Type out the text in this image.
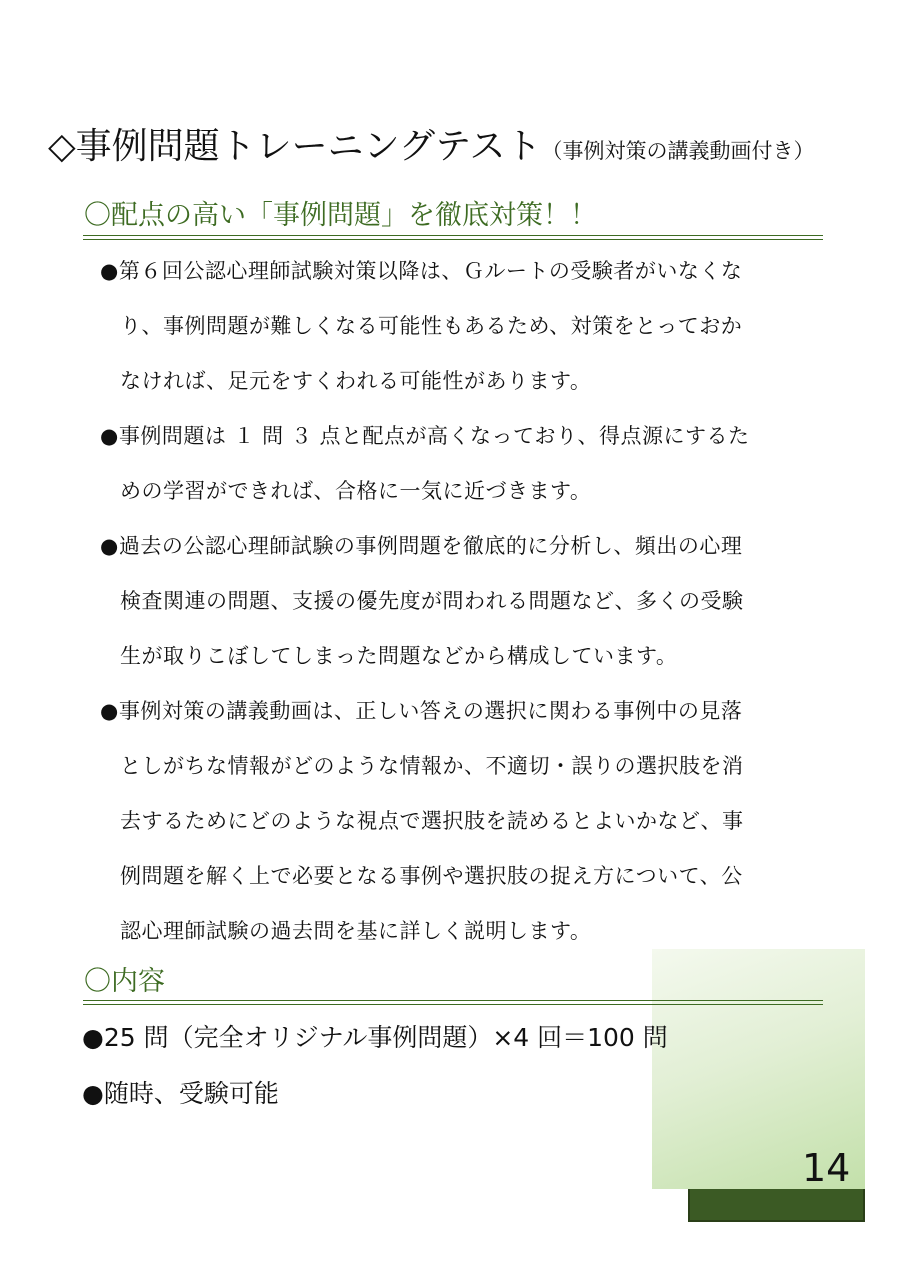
◇事例問題トレーニングテスト（事例対策の講義動画付き）
〇配点の高い「事例問題」を徹底対策！！
●第６回公認心理師試験対策以降は、Ｇルートの受験者がいなくな
り、事例問題が難しくなる可能性もあるため、対策をとっておか
なければ、足元をすくわれる可能性があります。
●事例問題は １ 問 ３ 点と配点が高くなっており、得点源にするた
めの学習ができれば、合格に一気に近づきます。
●過去の公認心理師試験の事例問題を徹底的に分析し、頻出の心理
検査関連の問題、支援の優先度が問われる問題など、多くの受験
生が取りこぼしてしまった問題などから構成しています。
●事例対策の講義動画は、正しい答えの選択に関わる事例中の見落
としがちな情報がどのような情報か、不適切・誤りの選択肢を消
去するためにどのような視点で選択肢を読めるとよいかなど、事
例問題を解く上で必要となる事例や選択肢の捉え方について、公
認心理師試験の過去問を基に詳しく説明します。
〇内容
●25 問（完全オリジナル事例問題）×4 回＝100 問
●随時、受験可能
14
